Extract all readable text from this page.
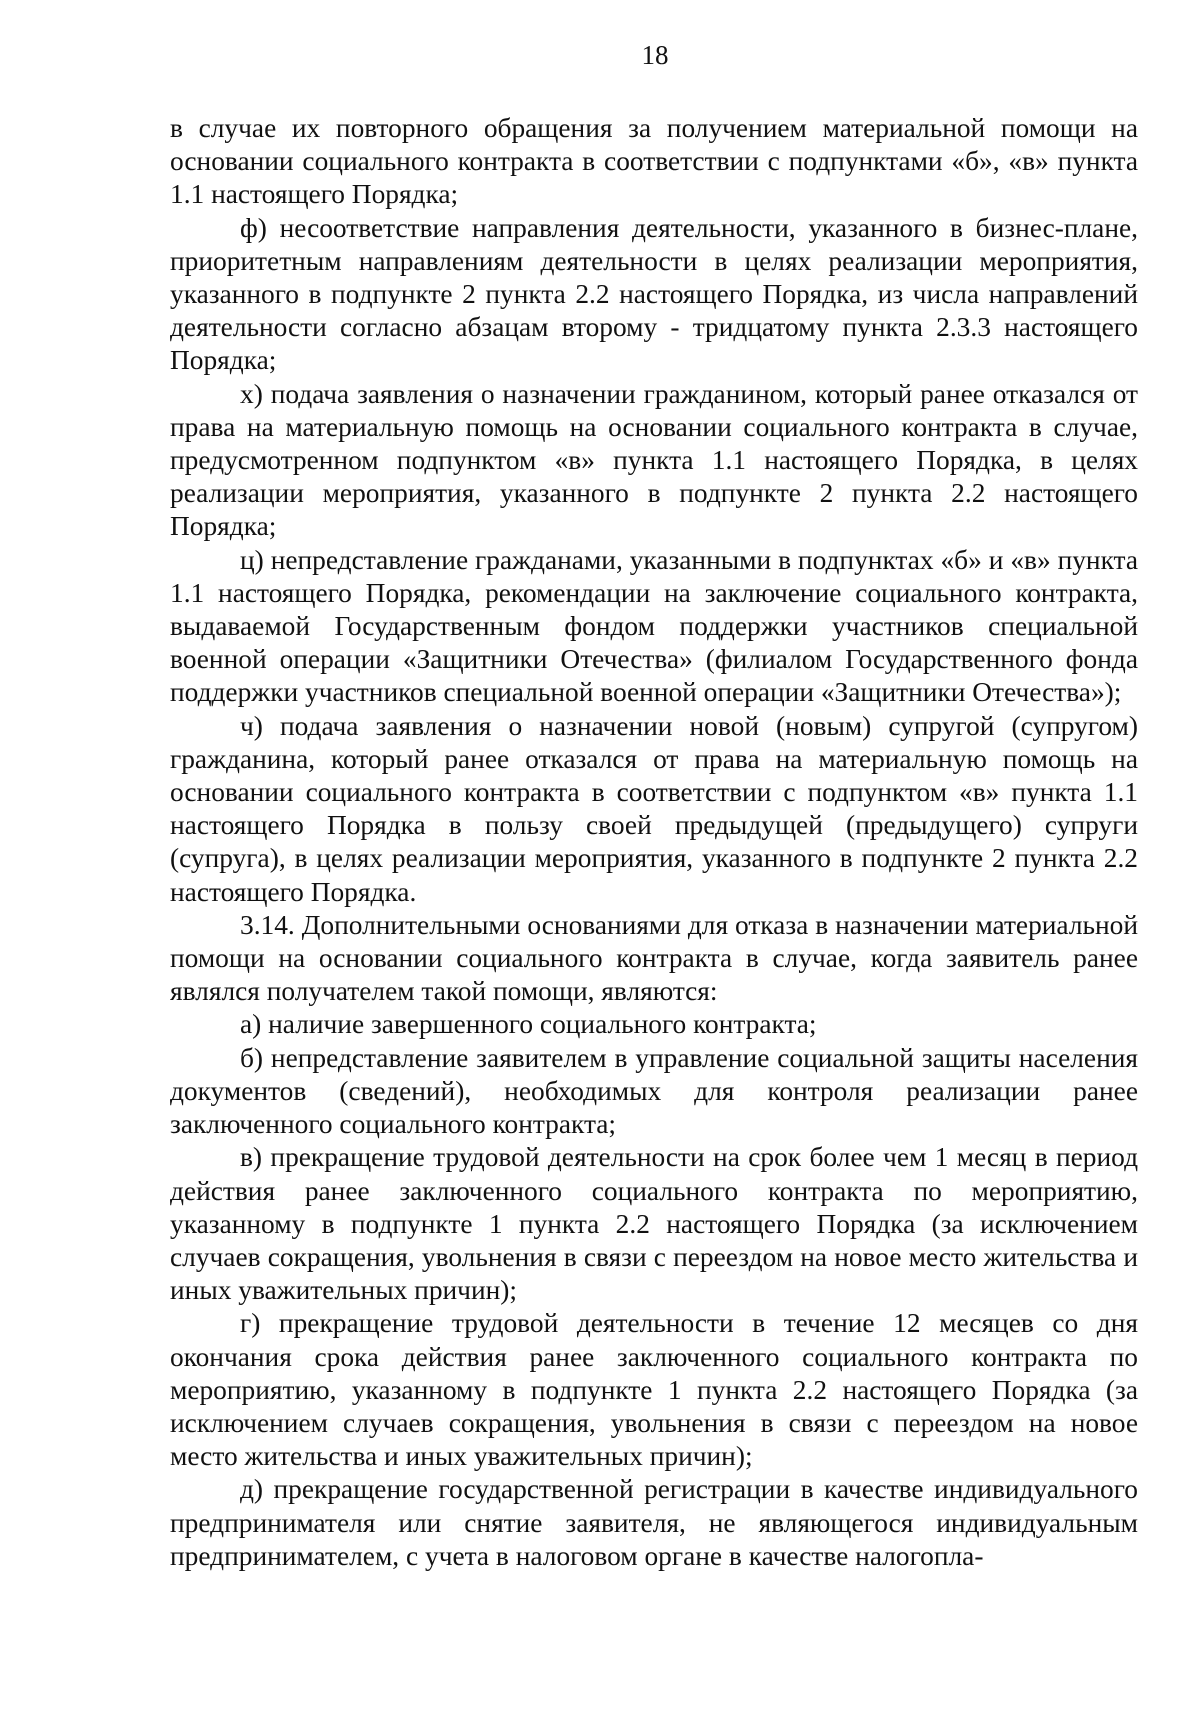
18

в случае их повторного обращения за получением материальной помощи на основании социального контракта в соответствии с подпунктами «б», «в» пункта 1.1 настоящего Порядка;

ф) несоответствие направления деятельности, указанного в бизнес-плане, приоритетным направлениям деятельности в целях реализации мероприятия, указанного в подпункте 2 пункта 2.2 настоящего Порядка, из числа направлений деятельности согласно абзацам второму - тридцатому пункта 2.3.3 настоящего Порядка;

х) подача заявления о назначении гражданином, который ранее отказался от права на материальную помощь на основании социального контракта в случае, предусмотренном подпунктом «в» пункта 1.1 настоящего Порядка, в целях реализации мероприятия, указанного в подпункте 2 пункта 2.2 настоящего Порядка;

ц) непредставление гражданами, указанными в подпунктах «б» и «в» пункта 1.1 настоящего Порядка, рекомендации на заключение социального контракта, выдаваемой Государственным фондом поддержки участников специальной военной операции «Защитники Отечества» (филиалом Государственного фонда поддержки участников специальной военной операции «Защитники Отечества»);

ч) подача заявления о назначении новой (новым) супругой (супругом) гражданина, который ранее отказался от права на материальную помощь на основании социального контракта в соответствии с подпунктом «в» пункта 1.1 настоящего Порядка в пользу своей предыдущей (предыдущего) супруги (супруга), в целях реализации мероприятия, указанного в подпункте 2 пункта 2.2 настоящего Порядка.

3.14. Дополнительными основаниями для отказа в назначении материальной помощи на основании социального контракта в случае, когда заявитель ранее являлся получателем такой помощи, являются:

а) наличие завершенного социального контракта;

б) непредставление заявителем в управление социальной защиты населения документов (сведений), необходимых для контроля реализации ранее заключенного социального контракта;

в) прекращение трудовой деятельности на срок более чем 1 месяц в период действия ранее заключенного социального контракта по мероприятию, указанному в подпункте 1 пункта 2.2 настоящего Порядка (за исключением случаев сокращения, увольнения в связи с переездом на новое место жительства и иных уважительных причин);

г) прекращение трудовой деятельности в течение 12 месяцев со дня окончания срока действия ранее заключенного социального контракта по мероприятию, указанному в подпункте 1 пункта 2.2 настоящего Порядка (за исключением случаев сокращения, увольнения в связи с переездом на новое место жительства и иных уважительных причин);

д) прекращение государственной регистрации в качестве индивидуального предпринимателя или снятие заявителя, не являющегося индивидуальным предпринимателем, с учета в налоговом органе в качестве налогопла-
